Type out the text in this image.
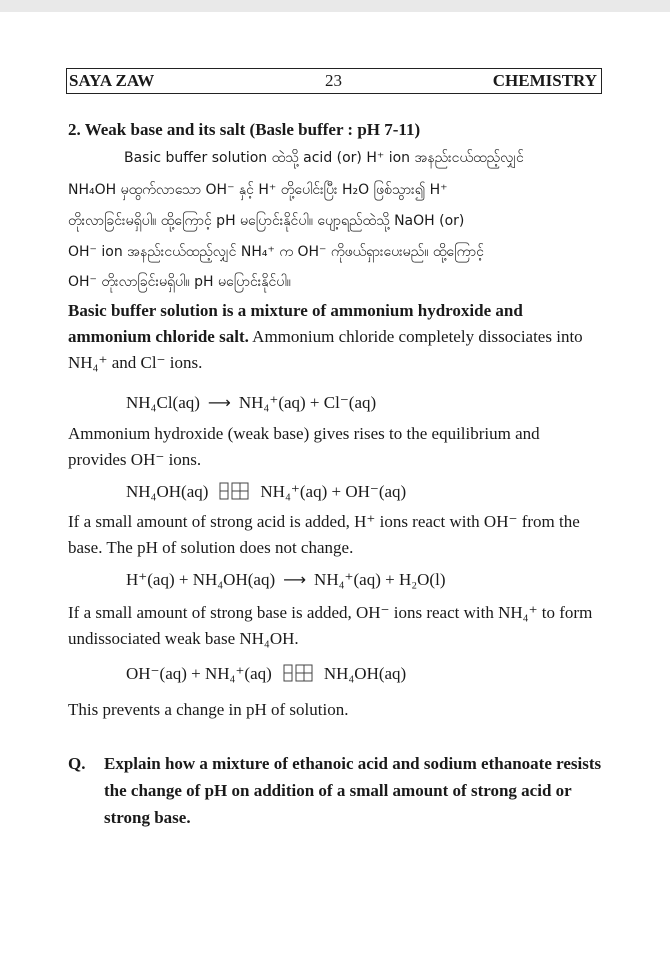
SAYA ZAW	23	CHEMISTRY
2. Weak base and its salt (Basle buffer : pH 7-11)
Basic buffer solution ထဲသို့ acid (or) H⁺ ion အနည်းငယ်ထည့်လျှင်
NH₄OH မှထွက်လာသော OH⁻ နှင့် H⁺ တို့ပေါင်းပြီး H₂O ဖြစ်သွား၍ H⁺
တိုးလာခြင်းမရှိပါ။ ထို့ကြောင့် pH မပြောင်းနိုင်ပါ။ ပျော့ရည်ထဲသို့ NaOH (or)
OH⁻ ion အနည်းငယ်ထည့်လျှင် NH₄⁺ က OH⁻ ကိုဖယ်ရှားပေးမည်။ ထို့ကြောင့်
OH⁻ တိုးလာခြင်းမရှိပါ။ pH မပြောင်းနိုင်ပါ။
Basic buffer solution is a mixture of ammonium hydroxide and ammonium chloride salt. Ammonium chloride completely dissociates into NH₄⁺ and Cl⁻ ions.
NH₄Cl(aq) ⟶ NH₄⁺(aq) + Cl⁻(aq)
Ammonium hydroxide (weak base) gives rises to the equilibrium and provides OH⁻ ions.
NH₄OH(aq)	NH₄⁺(aq) + OH⁻(aq)
If a small amount of strong acid is added, H⁺ ions react with OH⁻ from the base. The pH of solution does not change.
H⁺(aq) + NH₄OH(aq) ⟶ NH₄⁺(aq) + H₂O(l)
If a small amount of strong base is added, OH⁻ ions react with NH₄⁺ to form undissociated weak base NH₄OH.
OH⁻(aq) + NH₄⁺(aq)	NH₄OH(aq)
This prevents a change in pH of solution.
Q. Explain how a mixture of ethanoic acid and sodium ethanoate resists the change of pH on addition of a small amount of strong acid or strong base.
